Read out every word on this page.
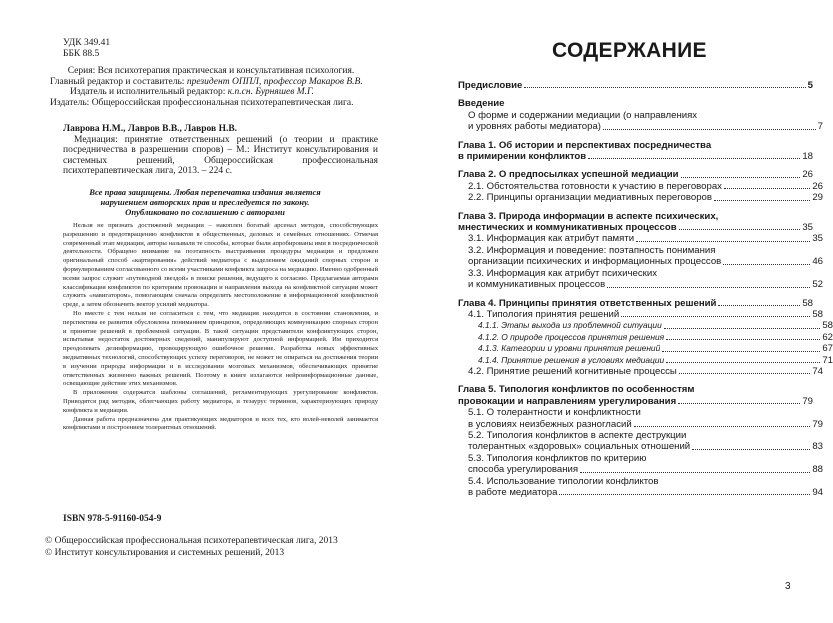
УДК 349.41
ББК 88.5
Серия: Вся психотерапия практическая и консультативная психология.
Главный редактор и составитель: президент ОППЛ, профессор Макаров В.В.
Издатель и исполнительный редактор: к.п.сн. Бурняшев М.Г.
Издатель: Общероссийская профессиональная психотерапевтическая лига.
Лаврова Н.М., Лавров В.В., Лавров Н.В.
Медиация: принятие ответственных решений (о теории и практике посредничества в разрешении споров) – М.: Институт консультирования и системных решений, Общероссийская профессиональная психотерапевтическая лига, 2013. – 224 с.
Все права защищены. Любая перепечатка издания является
нарушением авторских прав и преследуется по закону.
Опубликовано по соглашению с авторами

Нельзя не признать достижений медиации – накоплен богатый арсенал методов, способствующих разрешению и предотвращению конфликтов в общественных, деловых и семейных отношениях. Отмечая современный этап медиации, авторы называли те способы, которые были апробированы ими в посреднической деятельности. Обращено внимание на поэтапность выстраивания процедуры медиации и предложен оригинальный способ «картирования» действий медиатора с выделением ожиданий спорных сторон и формулированием согласованного со всеми участниками конфликта запроса на медиацию. Именно одобренный всеми запрос служит «путеводной звездой» в поиске решения, ведущего к согласию. Предлагаемая авторами классификация конфликтов по критериям провокации и направления выхода на конфликтной ситуации может служить «навигатором», помогающим сначала определить местоположение в информационной конфликтной среде, а затем обозначить вектор усилий медиатора.

Но вместе с тем нельзя не согласиться с тем, что медиация находится в состоянии становления, и перспектива ее развития обусловлена пониманием принципов, определяющих коммуникацию спорных сторон и принятие решений в проблемной ситуации. В такой ситуации представители конфликтующих сторон, испытывая недостаток достоверных сведений, манипулируют доступной информацией. Им приходится преодолевать дезинформацию, провоцирующую ошибочное решение. Разработка новых эффективных медиативных технологий, способствующих успеху переговоров, не может не опираться на достижения теории в изучении природы информации и в исследовании мозговых механизмов, обеспечивающих принятие ответственных жизненно важных решений. Поэтому в книге излагаются нейроинформационные данные, освещающие действие этих механизмов.

В приложении содержатся шаблоны соглашений, регламентирующих урегулирование конфликтов. Приводятся ряд методик, облегчающих работу медиатора, и тезаурус терминов, характеризующих природу конфликта и медиации.

Данная работа предназначена для практикующих медиаторов и всех тех, кто волей-неволей занимается конфликтами и построением толерантных отношений.

ISBN 978-5-91160-054-9
© Общероссийская профессиональная психотерапевтическая лига, 2013
© Институт консультирования и системных решений, 2013
СОДЕРЖАНИЕ
Предисловие	5
Введение
О форме и содержании медиации (о направлениях
и уровнях работы медиатора)	7
Глава 1. Об истории и перспективах посредничества
в примирении конфликтов	18
Глава 2. О предпосылках успешной медиации	26
2.1. Обстоятельства готовности к участию в переговорах	26
2.2. Принципы организации медиативных переговоров	29
Глава 3. Природа информации в аспекте психических,
мнестических и коммуникативных процессов	35
3.1. Информация как атрибут памяти	35
3.2. Информация и поведение: поэтапность понимания
организации психических и информационных процессов	46
3.3. Информация как атрибут психических
и коммуникативных процессов	52
Глава 4. Принципы принятия ответственных решений	58
4.1. Типология принятия решений	58
4.1.1. Этапы выхода из проблемной ситуации	58
4.1.2. О природе процессов принятия решения	62
4.1.3. Категории и уровни принятия решений	67
4.1.4. Принятие решения в условиях медиации	71
4.2. Принятие решений когнитивные процессы	74
Глава 5. Типология конфликтов по особенностям
провокации и направлениям урегулирования	79
5.1. О толерантности и конфликтности
в условиях неизбежных разногласий	79
5.2. Типология конфликтов в аспекте деструкции
толерантных «здоровых» социальных отношений	83
5.3. Типология конфликтов по критерию
способа урегулирования	88
5.4. Использование типологии конфликтов
в работе медиатора	94
3
